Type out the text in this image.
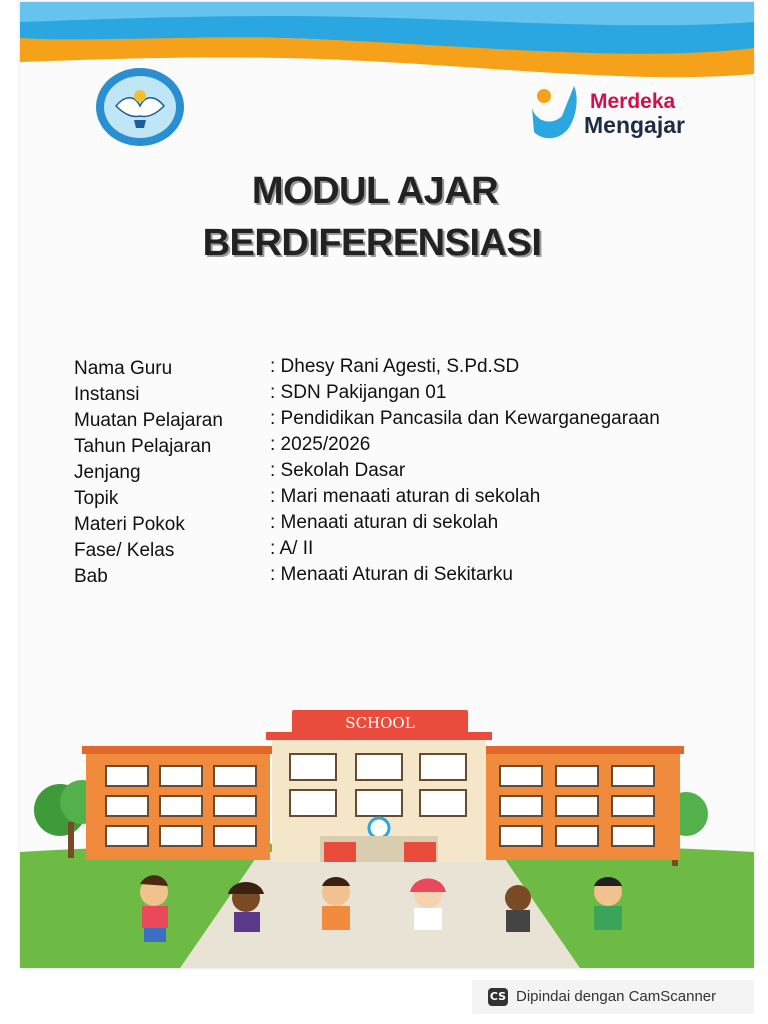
Merdeka
Mengajar
MODUL AJAR
BERDIFERENSIASI
Nama Guru	: Dhesy Rani Agesti, S.Pd.SD
Instansi	: SDN Pakijangan 01
Muatan Pelajaran : Pendidikan Pancasila dan Kewarganegaraan
Tahun Pelajaran	: 2025/2026
Jenjang	: Sekolah Dasar
Topik	: Mari menaati aturan di sekolah
Materi Pokok	: Menaati aturan di sekolah
Fase/ Kelas	: A/ II
Bab	: Menaati Aturan di Sekitarku
SCHOOL
CS Dipindai dengan CamScanner
